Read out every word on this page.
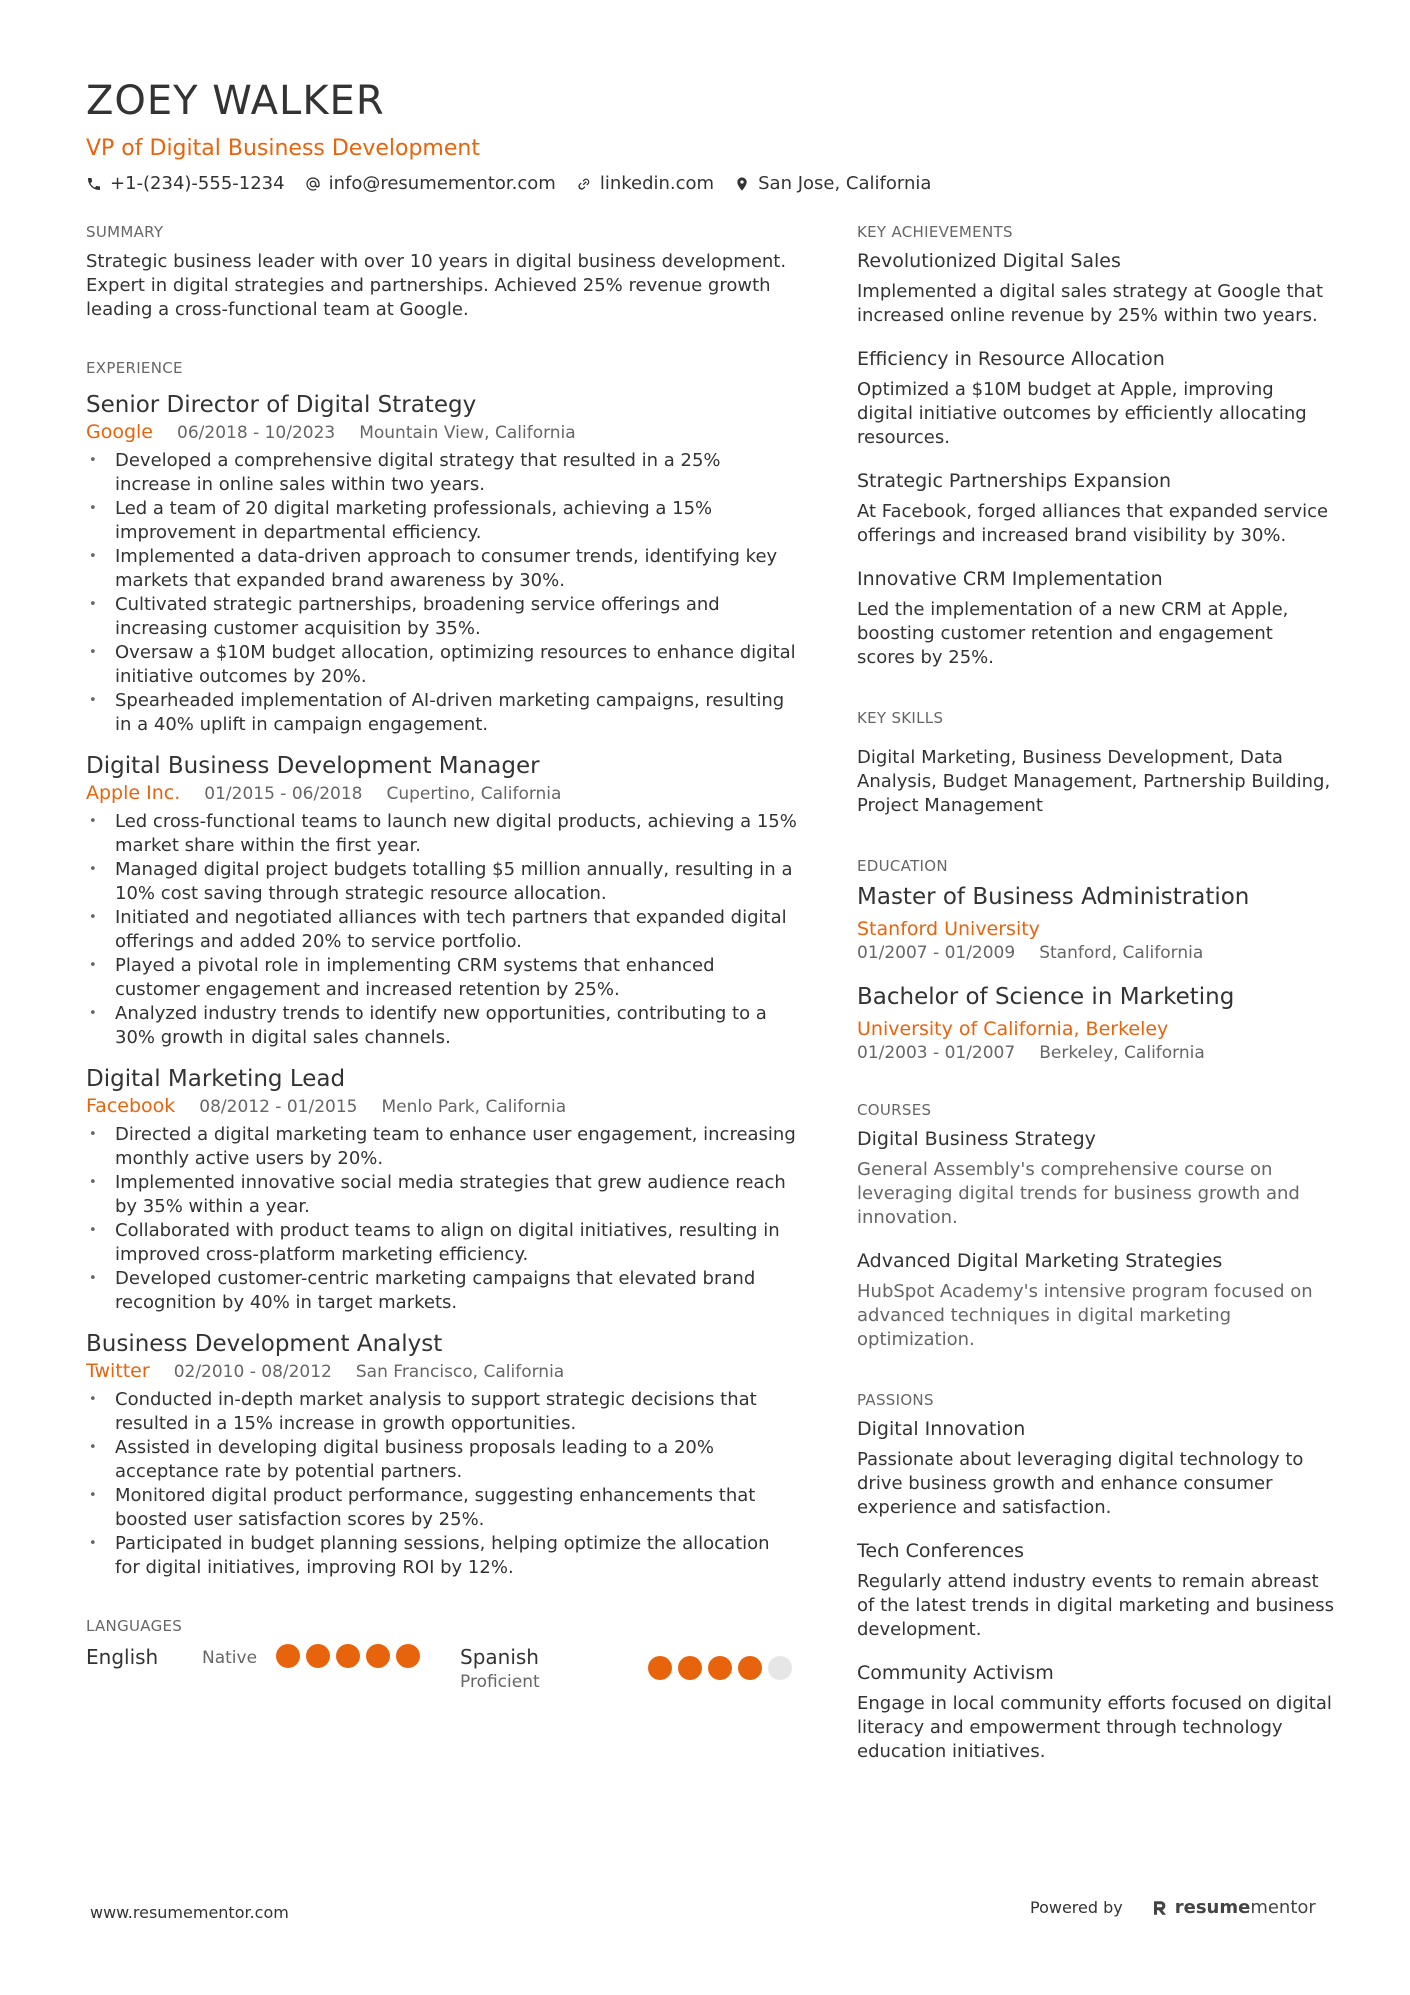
ZOEY WALKER
VP of Digital Business Development
+1-(234)-555-1234 info@resumementor.com linkedin.com San Jose, California
SUMMARY
Strategic business leader with over 10 years in digital business development. Expert in digital strategies and partnerships. Achieved 25% revenue growth leading a cross-functional team at Google.
EXPERIENCE
Senior Director of Digital Strategy
Google 06/2018 - 10/2023 Mountain View, California
• Developed a comprehensive digital strategy that resulted in a 25% increase in online sales within two years.
• Led a team of 20 digital marketing professionals, achieving a 15% improvement in departmental efficiency.
• Implemented a data-driven approach to consumer trends, identifying key markets that expanded brand awareness by 30%.
• Cultivated strategic partnerships, broadening service offerings and increasing customer acquisition by 35%.
• Oversaw a $10M budget allocation, optimizing resources to enhance digital initiative outcomes by 20%.
• Spearheaded implementation of AI-driven marketing campaigns, resulting in a 40% uplift in campaign engagement.
Digital Business Development Manager
Apple Inc. 01/2015 - 06/2018 Cupertino, California
• Led cross-functional teams to launch new digital products, achieving a 15% market share within the first year.
• Managed digital project budgets totalling $5 million annually, resulting in a 10% cost saving through strategic resource allocation.
• Initiated and negotiated alliances with tech partners that expanded digital offerings and added 20% to service portfolio.
• Played a pivotal role in implementing CRM systems that enhanced customer engagement and increased retention by 25%.
• Analyzed industry trends to identify new opportunities, contributing to a 30% growth in digital sales channels.
Digital Marketing Lead
Facebook 08/2012 - 01/2015 Menlo Park, California
• Directed a digital marketing team to enhance user engagement, increasing monthly active users by 20%.
• Implemented innovative social media strategies that grew audience reach by 35% within a year.
• Collaborated with product teams to align on digital initiatives, resulting in improved cross-platform marketing efficiency.
• Developed customer-centric marketing campaigns that elevated brand recognition by 40% in target markets.
Business Development Analyst
Twitter 02/2010 - 08/2012 San Francisco, California
• Conducted in-depth market analysis to support strategic decisions that resulted in a 15% increase in growth opportunities.
• Assisted in developing digital business proposals leading to a 20% acceptance rate by potential partners.
• Monitored digital product performance, suggesting enhancements that boosted user satisfaction scores by 25%.
• Participated in budget planning sessions, helping optimize the allocation for digital initiatives, improving ROI by 12%.
LANGUAGES
English	Native	Spanish
Proficient
KEY ACHIEVEMENTS
Revolutionized Digital Sales
Implemented a digital sales strategy at Google that increased online revenue by 25% within two years.
Efficiency in Resource Allocation
Optimized a $10M budget at Apple, improving digital initiative outcomes by efficiently allocating resources.
Strategic Partnerships Expansion
At Facebook, forged alliances that expanded service offerings and increased brand visibility by 30%.
Innovative CRM Implementation
Led the implementation of a new CRM at Apple, boosting customer retention and engagement scores by 25%.
KEY SKILLS
Digital Marketing, Business Development, Data Analysis, Budget Management, Partnership Building, Project Management
EDUCATION
Master of Business Administration
Stanford University
01/2007 - 01/2009 Stanford, California
Bachelor of Science in Marketing
University of California, Berkeley
01/2003 - 01/2007 Berkeley, California
COURSES
Digital Business Strategy
General Assembly's comprehensive course on leveraging digital trends for business growth and innovation.
Advanced Digital Marketing Strategies
HubSpot Academy's intensive program focused on advanced techniques in digital marketing optimization.
PASSIONS
Digital Innovation
Passionate about leveraging digital technology to drive business growth and enhance consumer experience and satisfaction.
Tech Conferences
Regularly attend industry events to remain abreast of the latest trends in digital marketing and business development.
Community Activism
Engage in local community efforts focused on digital literacy and empowerment through technology education initiatives.
www.resumementor.com	Powered by	resume mentor
